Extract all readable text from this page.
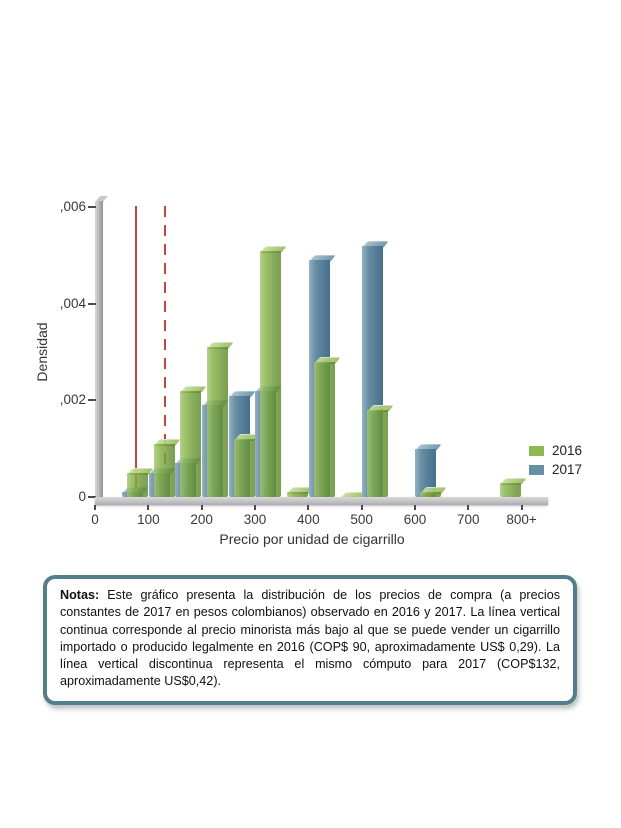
Densidad
0
,002
,004
,006
0	100	200	300	400	500	600	700	800+
Precio por unidad de cigarrillo
2016
2017

Notas: Este gráfico presenta la distribución de los precios de compra (a precios constantes de 2017 en pesos colombianos) observado en 2016 y 2017. La línea vertical continua corresponde al precio minorista más bajo al que se puede vender un cigarrillo importado o producido legalmente en 2016 (COP$ 90, aproximadamente US$ 0,29). La línea vertical discontinua representa el mismo cómputo para 2017 (COP$132, aproximadamente US$0,42).
